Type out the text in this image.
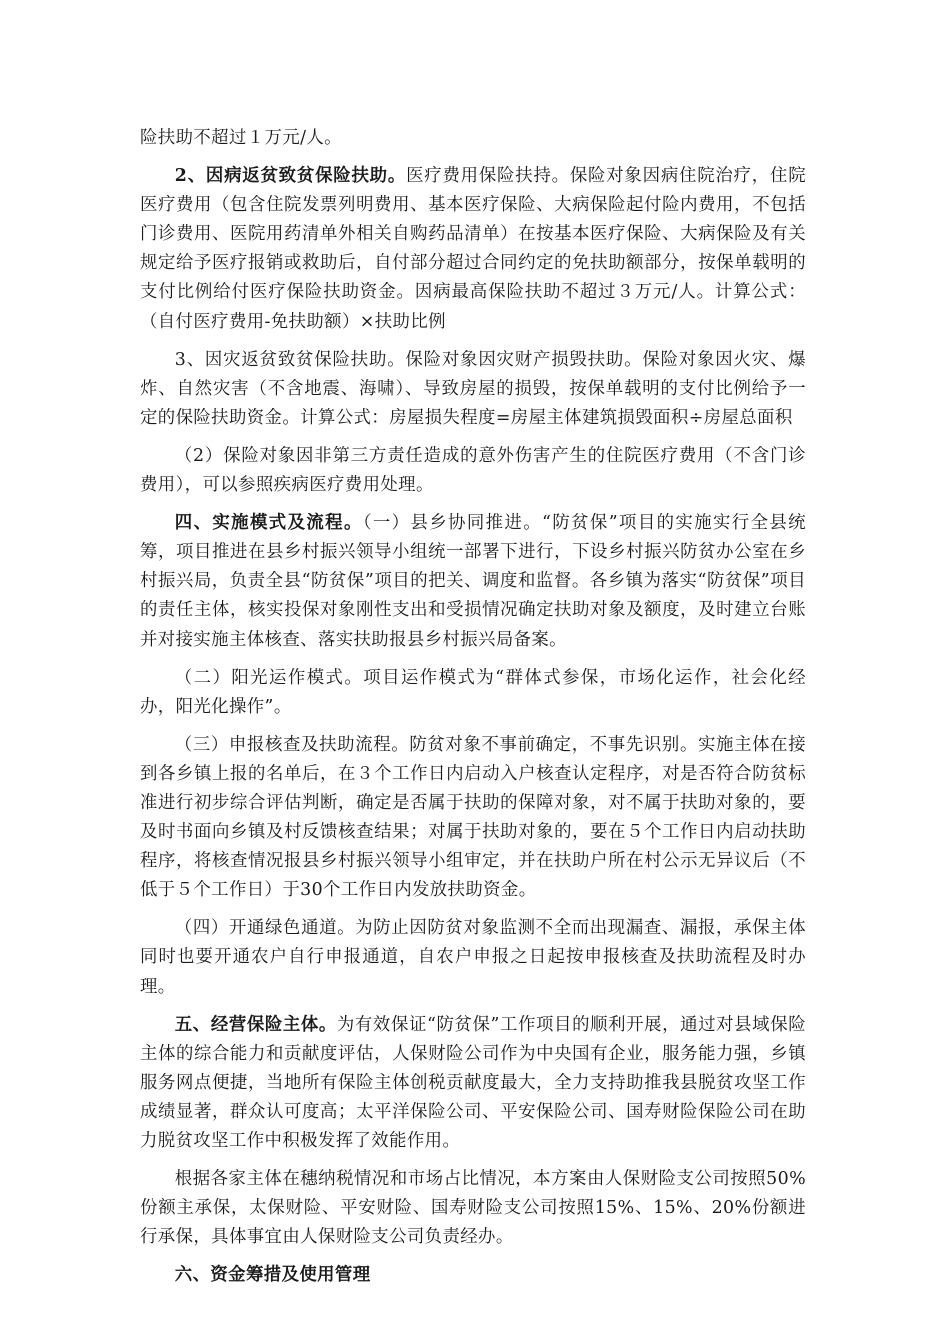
险扶助不超过１万元/人。

2、因病返贫致贫保险扶助。医疗费用保险扶持。保险对象因病住院治疗，住院医疗费用（包含住院发票列明费用、基本医疗保险、大病保险起付险内费用，不包括门诊费用、医院用药清单外相关自购药品清单）在按基本医疗保险、大病保险及有关规定给予医疗报销或救助后，自付部分超过合同约定的免扶助额部分，按保单载明的支付比例给付医疗保险扶助资金。因病最高保险扶助不超过３万元/人。计算公式：（自付医疗费用-免扶助额）×扶助比例

3、因灾返贫致贫保险扶助。保险对象因灾财产损毁扶助。保险对象因火灾、爆炸、自然灾害（不含地震、海啸）、导致房屋的损毁，按保单载明的支付比例给予一定的保险扶助资金。计算公式：房屋损失程度=房屋主体建筑损毁面积÷房屋总面积

（2）保险对象因非第三方责任造成的意外伤害产生的住院医疗费用（不含门诊费用），可以参照疾病医疗费用处理。

四、实施模式及流程。（一）县乡协同推进。“防贫保”项目的实施实行全县统筹，项目推进在县乡村振兴领导小组统一部署下进行，下设乡村振兴防贫办公室在乡村振兴局，负责全县“防贫保”项目的把关、调度和监督。各乡镇为落实“防贫保”项目的责任主体，核实投保对象刚性支出和受损情况确定扶助对象及额度，及时建立台账并对接实施主体核查、落实扶助报县乡村振兴局备案。

（二）阳光运作模式。项目运作模式为“群体式参保，市场化运作，社会化经办，阳光化操作”。

（三）申报核查及扶助流程。防贫对象不事前确定，不事先识别。实施主体在接到各乡镇上报的名单后，在３个工作日内启动入户核查认定程序，对是否符合防贫标准进行初步综合评估判断，确定是否属于扶助的保障对象，对不属于扶助对象的，要及时书面向乡镇及村反馈核查结果；对属于扶助对象的，要在５个工作日内启动扶助程序，将核查情况报县乡村振兴领导小组审定，并在扶助户所在村公示无异议后（不低于５个工作日）于30个工作日内发放扶助资金。

（四）开通绿色通道。为防止因防贫对象监测不全而出现漏查、漏报，承保主体同时也要开通农户自行申报通道，自农户申报之日起按申报核查及扶助流程及时办理。

五、经营保险主体。为有效保证“防贫保”工作项目的顺利开展，通过对县域保险主体的综合能力和贡献度评估，人保财险公司作为中央国有企业，服务能力强，乡镇服务网点便捷，当地所有保险主体创税贡献度最大，全力支持助推我县脱贫攻坚工作成绩显著，群众认可度高；太平洋保险公司、平安保险公司、国寿财险保险公司在助力脱贫攻坚工作中积极发挥了效能作用。

根据各家主体在穗纳税情况和市场占比情况，本方案由人保财险支公司按照50%份额主承保，太保财险、平安财险、国寿财险支公司按照15%、15%、20%份额进行承保，具体事宜由人保财险支公司负责经办。

六、资金筹措及使用管理
